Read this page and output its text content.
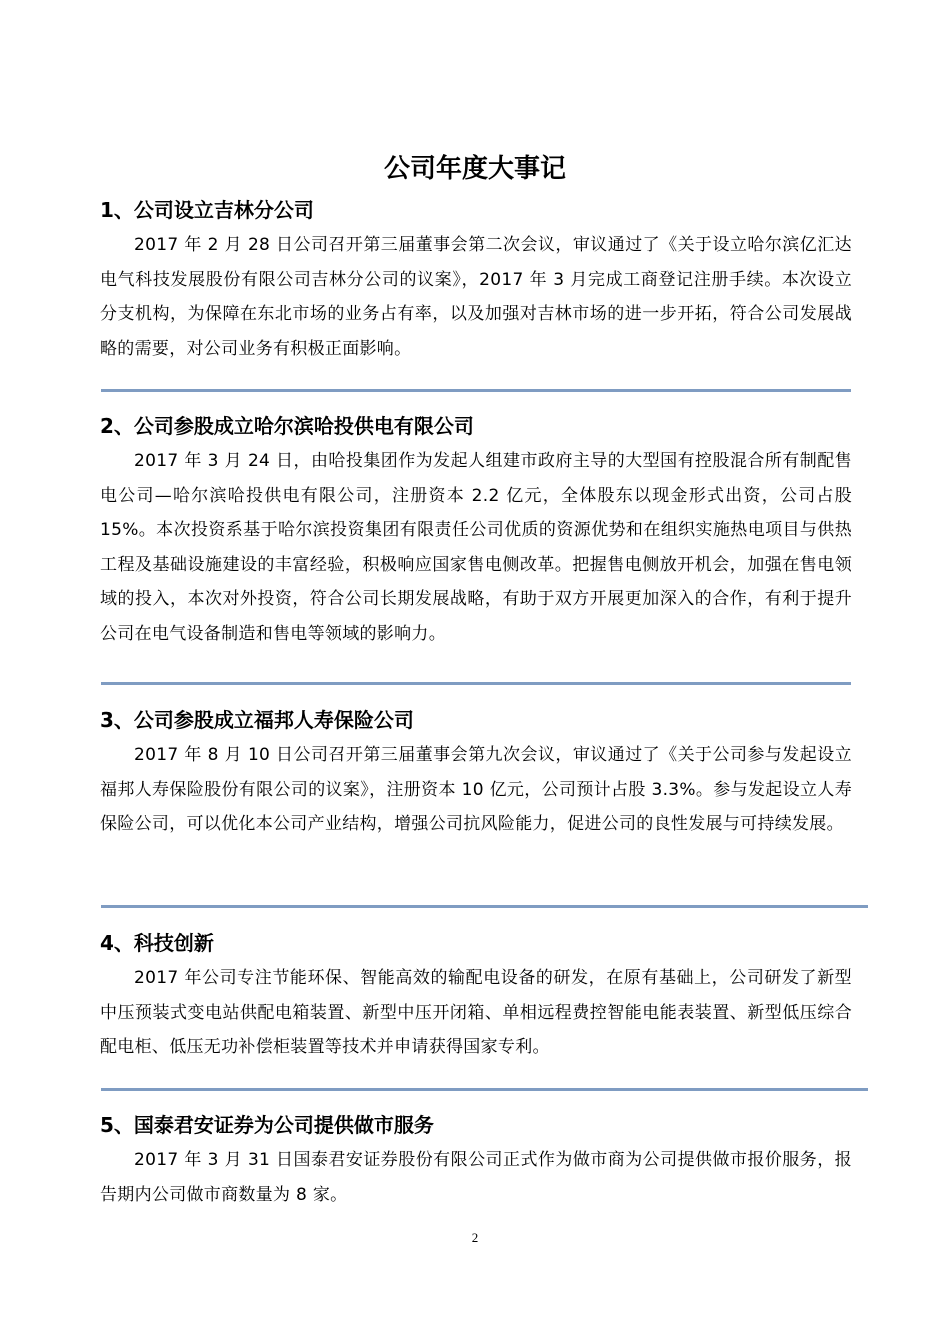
公司年度大事记
1、公司设立吉林分公司

2017 年 2 月 28 日公司召开第三届董事会第二次会议，审议通过了《关于设立哈尔滨亿汇达电气科技发展股份有限公司吉林分公司的议案》，2017 年 3 月完成工商登记注册手续。本次设立分支机构，为保障在东北市场的业务占有率，以及加强对吉林市场的进一步开拓，符合公司发展战略的需要，对公司业务有积极正面影响。

2、公司参股成立哈尔滨哈投供电有限公司

2017 年 3 月 24 日，由哈投集团作为发起人组建市政府主导的大型国有控股混合所有制配售电公司—哈尔滨哈投供电有限公司，注册资本 2.2 亿元，全体股东以现金形式出资，公司占股 15%。本次投资系基于哈尔滨投资集团有限责任公司优质的资源优势和在组织实施热电项目与供热工程及基础设施建设的丰富经验，积极响应国家售电侧改革。把握售电侧放开机会，加强在售电领域的投入，本次对外投资，符合公司长期发展战略，有助于双方开展更加深入的合作，有利于提升公司在电气设备制造和售电等领域的影响力。

3、公司参股成立福邦人寿保险公司

2017 年 8 月 10 日公司召开第三届董事会第九次会议，审议通过了《关于公司参与发起设立福邦人寿保险股份有限公司的议案》，注册资本 10 亿元，公司预计占股 3.3%。参与发起设立人寿保险公司，可以优化本公司产业结构，增强公司抗风险能力，促进公司的良性发展与可持续发展。

4、科技创新

2017 年公司专注节能环保、智能高效的输配电设备的研发，在原有基础上，公司研发了新型中压预装式变电站供配电箱装置、新型中压开闭箱、单相远程费控智能电能表装置、新型低压综合配电柜、低压无功补偿柜装置等技术并申请获得国家专利。

5、国泰君安证券为公司提供做市服务

2017 年 3 月 31 日国泰君安证券股份有限公司正式作为做市商为公司提供做市报价服务，报告期内公司做市商数量为 8 家。

2
